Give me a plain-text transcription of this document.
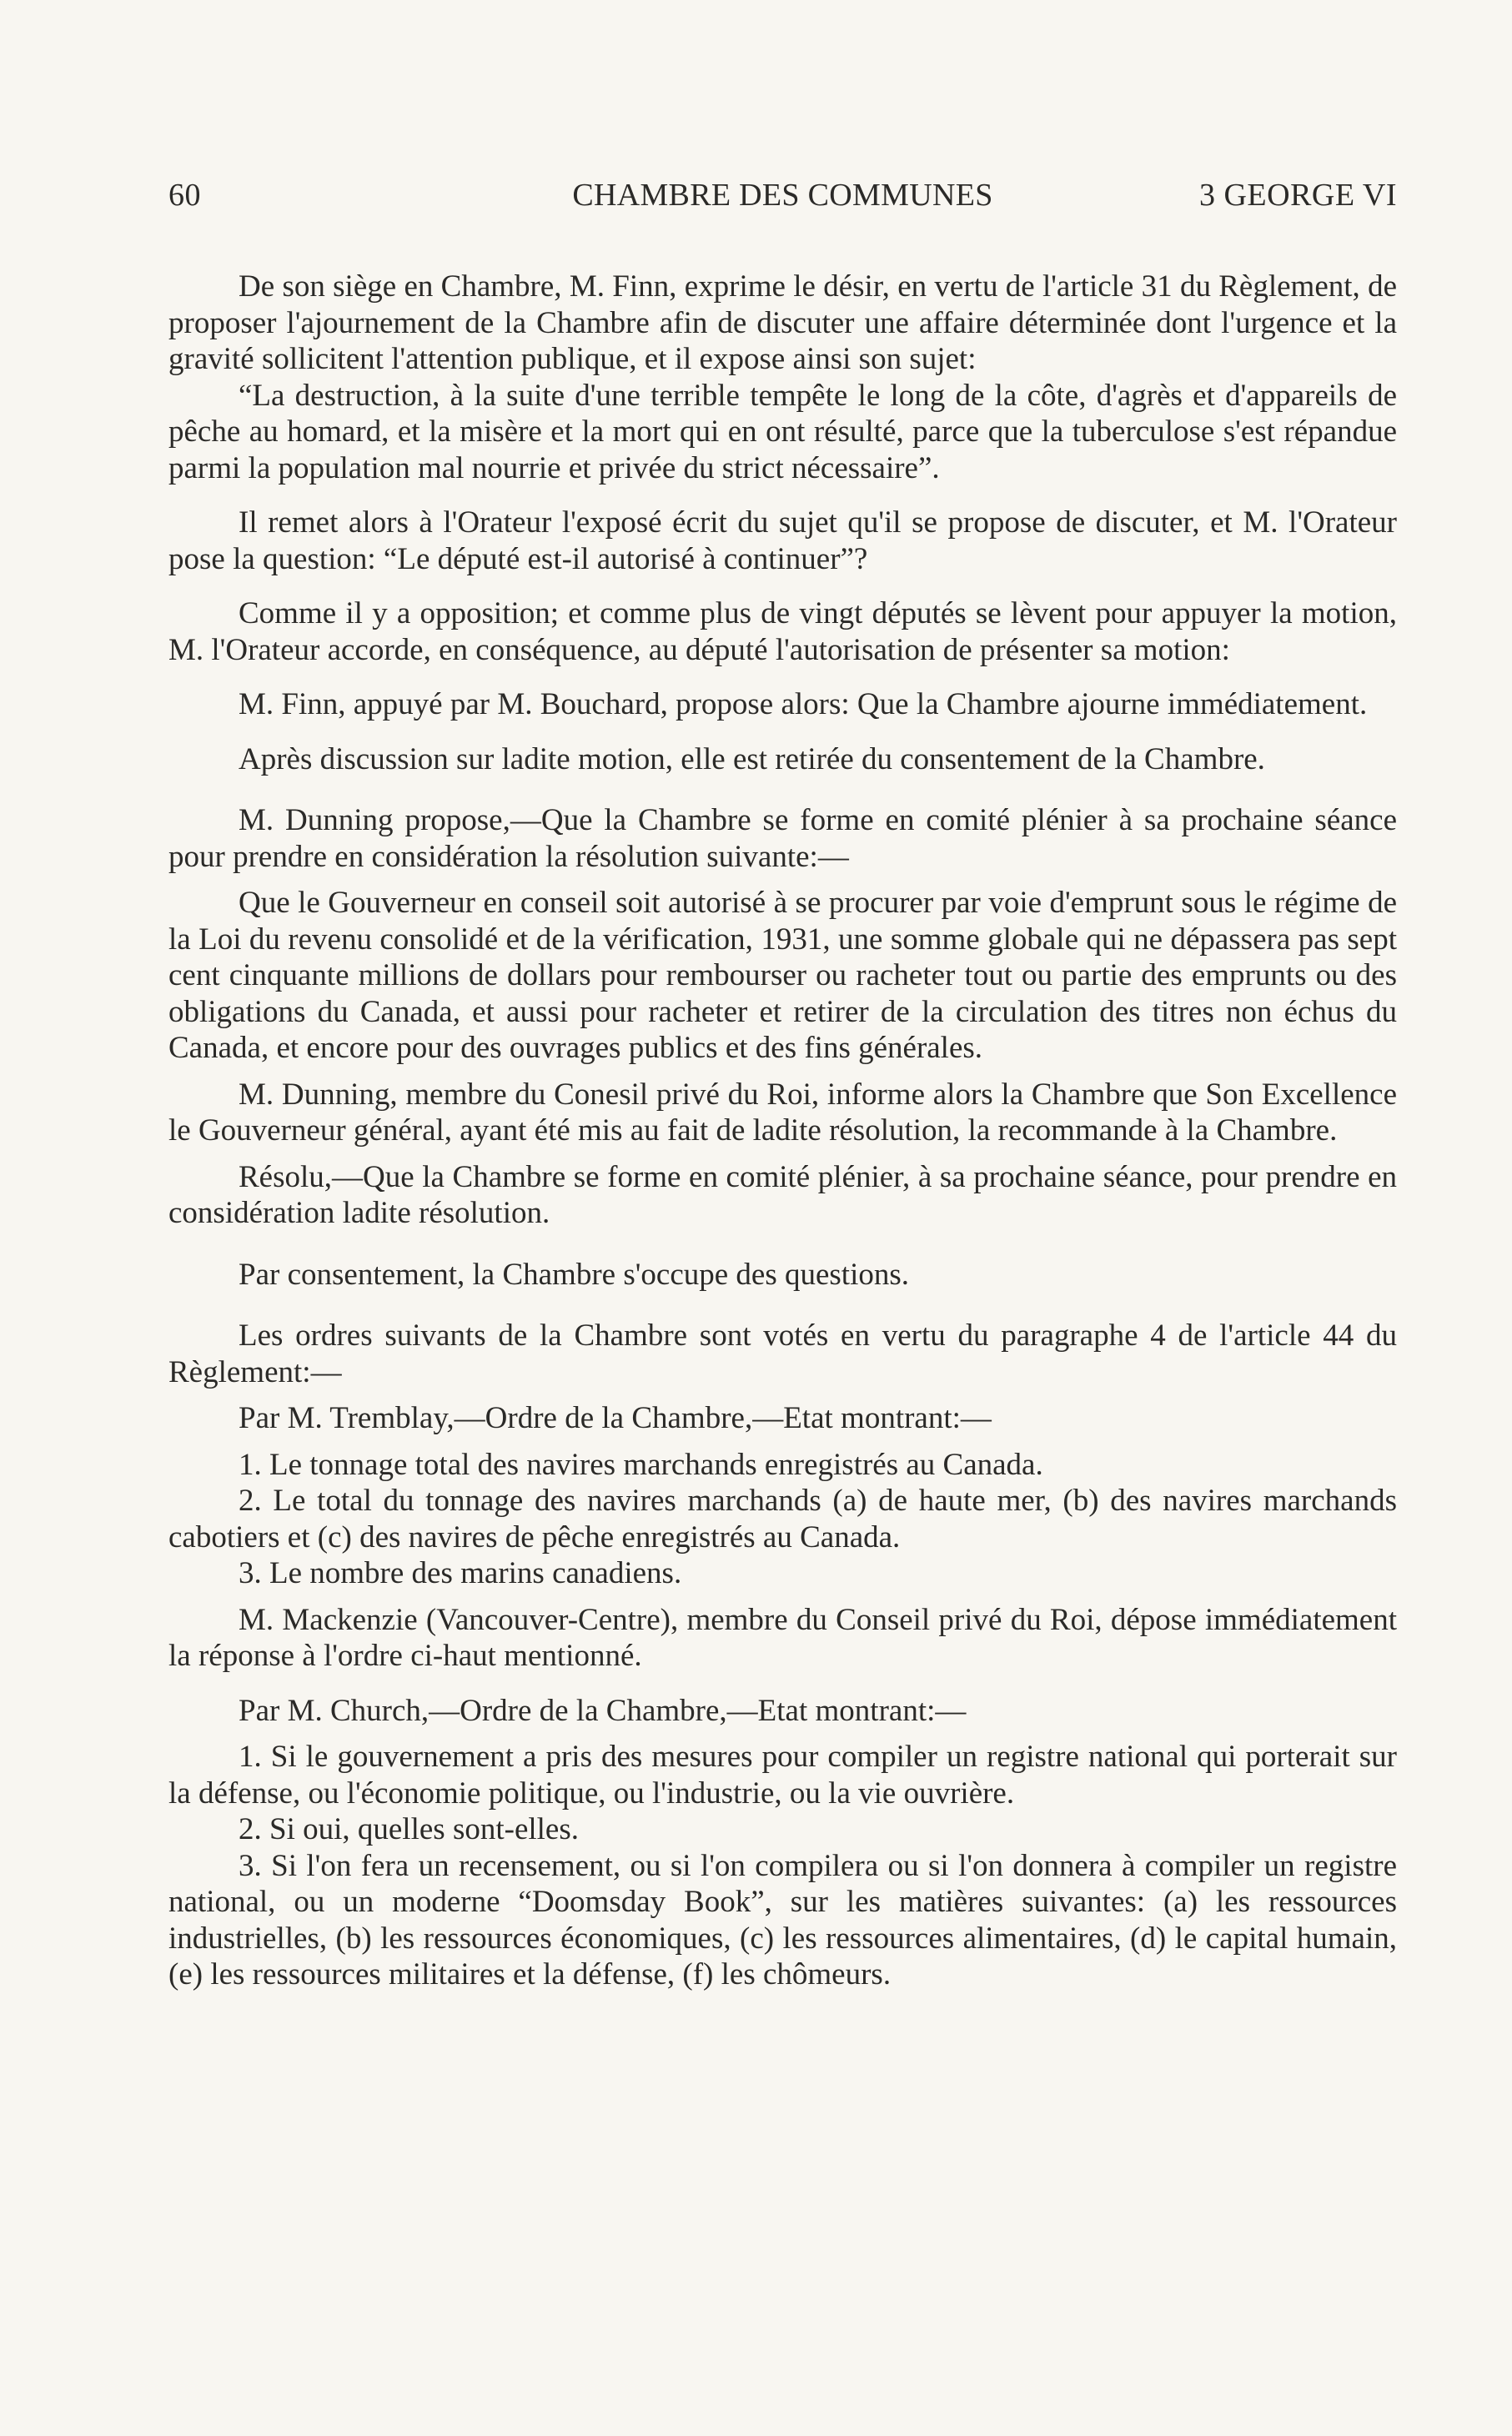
60	CHAMBRE DES COMMUNES	3 GEORGE VI

De son siège en Chambre, M. Finn, exprime le désir, en vertu de l'article 31 du Règlement, de proposer l'ajournement de la Chambre afin de discuter une affaire déterminée dont l'urgence et la gravité sollicitent l'attention publique, et il expose ainsi son sujet:

“La destruction, à la suite d'une terrible tempête le long de la côte, d'agrès et d'appareils de pêche au homard, et la misère et la mort qui en ont résulté, parce que la tuberculose s'est répandue parmi la population mal nourrie et privée du strict nécessaire”.

Il remet alors à l'Orateur l'exposé écrit du sujet qu'il se propose de discuter, et M. l'Orateur pose la question: “Le député est-il autorisé à continuer”?

Comme il y a opposition; et comme plus de vingt députés se lèvent pour appuyer la motion, M. l'Orateur accorde, en conséquence, au député l'autorisation de présenter sa motion:

M. Finn, appuyé par M. Bouchard, propose alors: Que la Chambre ajourne immédiatement.

Après discussion sur ladite motion, elle est retirée du consentement de la Chambre.

M. Dunning propose,—Que la Chambre se forme en comité plénier à sa prochaine séance pour prendre en considération la résolution suivante:—

Que le Gouverneur en conseil soit autorisé à se procurer par voie d'emprunt sous le régime de la Loi du revenu consolidé et de la vérification, 1931, une somme globale qui ne dépassera pas sept cent cinquante millions de dollars pour rembourser ou racheter tout ou partie des emprunts ou des obligations du Canada, et aussi pour racheter et retirer de la circulation des titres non échus du Canada, et encore pour des ouvrages publics et des fins générales.

M. Dunning, membre du Conesil privé du Roi, informe alors la Chambre que Son Excellence le Gouverneur général, ayant été mis au fait de ladite résolution, la recommande à la Chambre.

Résolu,—Que la Chambre se forme en comité plénier, à sa prochaine séance, pour prendre en considération ladite résolution.

Par consentement, la Chambre s'occupe des questions.

Les ordres suivants de la Chambre sont votés en vertu du paragraphe 4 de l'article 44 du Règlement:—

Par M. Tremblay,—Ordre de la Chambre,—Etat montrant:—

1. Le tonnage total des navires marchands enregistrés au Canada.

2. Le total du tonnage des navires marchands (a) de haute mer, (b) des navires marchands cabotiers et (c) des navires de pêche enregistrés au Canada.

3. Le nombre des marins canadiens.

M. Mackenzie (Vancouver-Centre), membre du Conseil privé du Roi, dépose immédiatement la réponse à l'ordre ci-haut mentionné.

Par M. Church,—Ordre de la Chambre,—Etat montrant:—

1. Si le gouvernement a pris des mesures pour compiler un registre national qui porterait sur la défense, ou l'économie politique, ou l'industrie, ou la vie ouvrière.

2. Si oui, quelles sont-elles.

3. Si l'on fera un recensement, ou si l'on compilera ou si l'on donnera à compiler un registre national, ou un moderne “Doomsday Book”, sur les matières suivantes: (a) les ressources industrielles, (b) les ressources économiques, (c) les ressources alimentaires, (d) le capital humain, (e) les ressources militaires et la défense, (f) les chômeurs.
